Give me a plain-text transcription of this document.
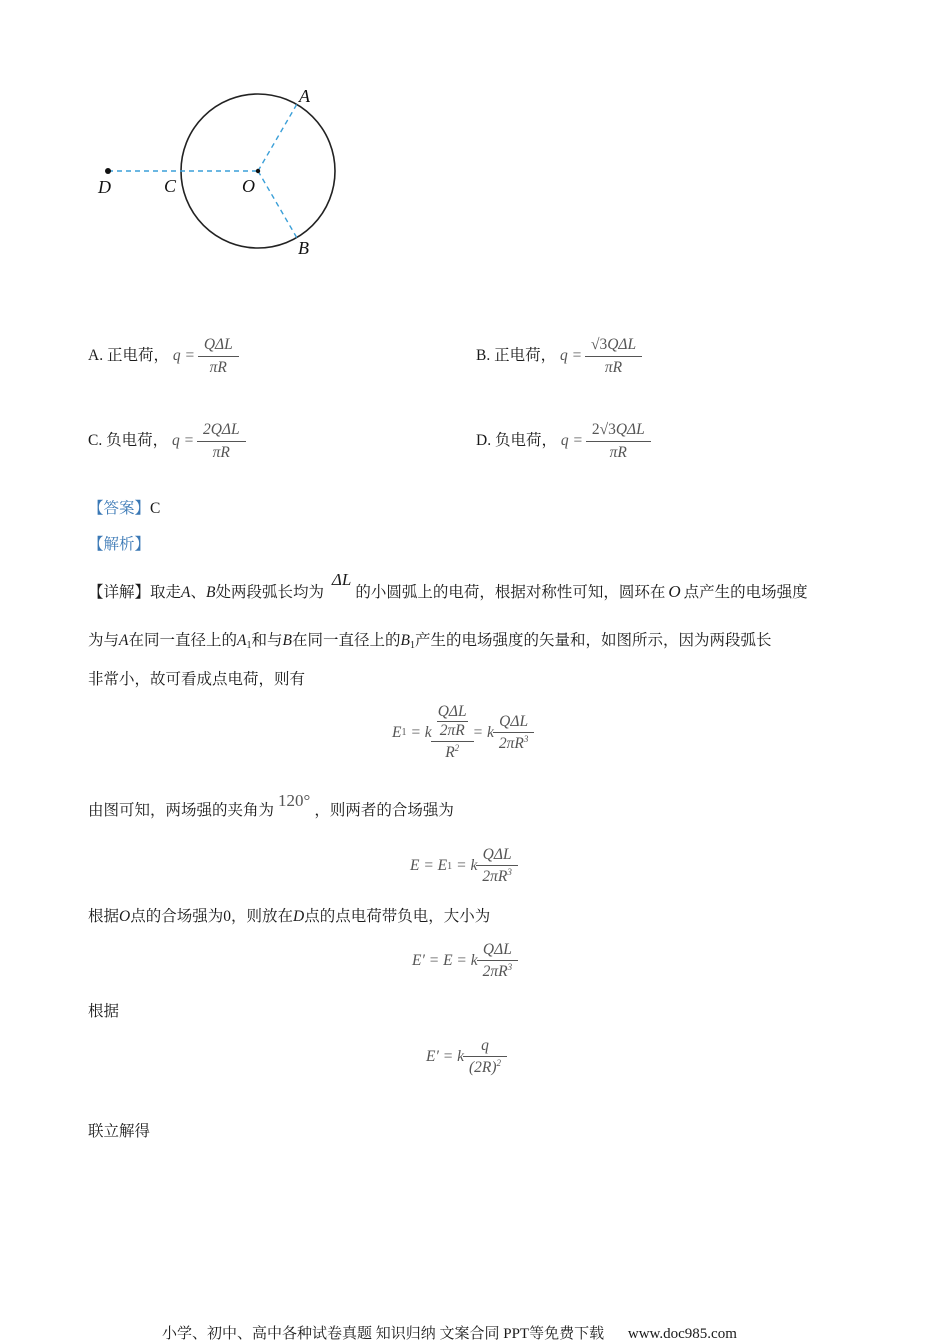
A
B
C
D	O
A. 正电荷， $q = \frac{\text{QΔL}}{\pi R}$	B. 正电荷， $q = \frac{\text{√3QΔL}}{\pi R}$
C. 负电荷， $q = \frac{\text{2QΔL}}{\pi R}$	D. 负电荷， $q = \frac{\text{2√3QΔL}}{\pi R}$
【答案】C
【解析】
【详解】取走A、B处两段弧长均为 ΔL的小圆弧上的电荷，根据对称性可知，圆环在 O 点产生的电场强度
为与A在同一直径上的$A_1$和与B在同一直径上的$B_1$产生的电场强度的矢量和，如图所示，因为两段弧长
非常小，故可看成点电荷，则有
E 1 = k QΔL
2πR
$R^2 = k \frac{\text{QΔL}}{2\pi R^3}$
由图可知，两场强的夹角为120°，则两者的合场强为
E = E 1 = k $\frac{\text{QΔL}}{2\pi R^3}$
根据O点的合场强为0，则放在D点的点电荷带负电，大小为
E′ = E = k $\frac{\text{QΔL}}{2\pi R^3}$
根据
E′ = k $\frac{q}{(2R)^2}$
联立解得
小学、初中、高中各种试卷真题 知识归纳 文案合同 PPT等免费下载 www.doc985.com
